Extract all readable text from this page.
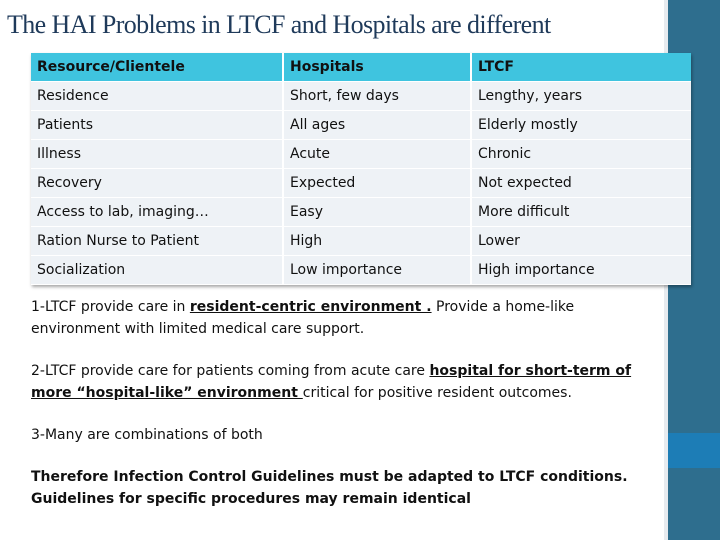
The HAI Problems in LTCF and Hospitals are different
Resource/Clientele	Hospitals	LTCF
Residence	Short, few days	Lengthy, years
Patients	All ages	Elderly mostly
Illness	Acute	Chronic
Recovery	Expected	Not expected
Access to lab, imaging…	Easy	More difficult
Ration Nurse to Patient	High	Lower
Socialization	Low importance	High importance

1-LTCF provide care in resident-centric environment . Provide a home-like environment with limited medical care support.

2-LTCF provide care for patients coming from acute care hospital for short-term of more “hospital-like” environment critical for positive resident outcomes.

3-Many are combinations of both

Therefore Infection Control Guidelines must be adapted to LTCF conditions.
Guidelines for specific procedures may remain identical
